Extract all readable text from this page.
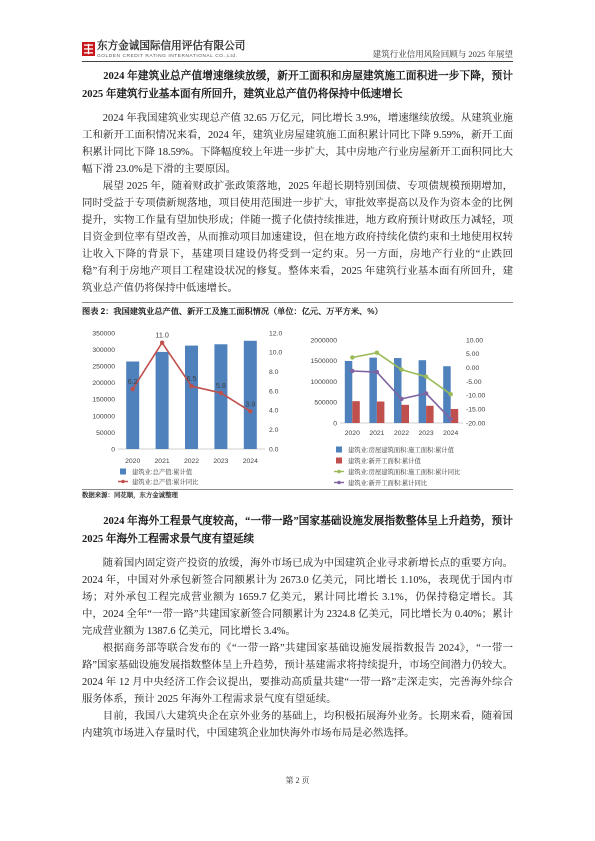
东方金诚国际信用评估有限公司
GOLDEN CREDIT RATING INTERNATIONAL CO.,Ltd.	建筑行业信用风险回顾与 2025 年展望

2024 年建筑业总产值增速继续放缓，新开工面积和房屋建筑施工面积进一步下降，预计 2025 年建筑行业基本面有所回升，建筑业总产值仍将保持中低速增长

2024 年我国建筑业实现总产值 32.65 万亿元，同比增长 3.9%，增速继续放缓。从建筑业施工和新开工面积情况来看，2024 年，建筑业房屋建筑施工面积累计同比下降 9.59%，新开工面积累计同比下降 18.59%。下降幅度较上年进一步扩大，其中房地产行业房屋新开工面积同比大幅下滑 23.0%是下滑的主要原因。

展望 2025 年，随着财政扩张政策落地，2025 年超长期特别国债、专项债规模预期增加，同时受益于专项债新规落地，项目使用范围进一步扩大，审批效率提高以及作为资本金的比例提升，实物工作量有望加快形成；伴随一揽子化债持续推进，地方政府预计财政压力减轻，项目资金到位率有望改善，从而推动项目加速建设，但在地方政府持续化债约束和土地使用权转让收入下降的背景下，基建项目建设仍将受到一定约束。另一方面，房地产行业的“止跌回稳”有利于房地产项目工程建设状况的修复。整体来看，2025 年建筑行业基本面有所回升，建筑业总产值仍将保持中低速增长。

图表 2：我国建筑业总产值、新开工及施工面积情况（单位：亿元、万平方米、%）
0
50000
100000
150000
200000
250000
300000
350000
0.0
2.0
4.0
6.0
8.0
10.0
12.0
2020 2021 2022 2023 2024
6.2
11.0
6.5
5.8
3.9
建筑业:总产值:累计值
建筑业:总产值:累计同比
0
500000
1000000
1500000
2000000
-20.00
-15.00
-10.00
-5.00
0.00
5.00
10.00
2020 2021 2022 2023 2024
建筑业:房屋建筑面积:施工面积:累计值
建筑业:新开工面积:累计值
建筑业:房屋建筑面积:施工面积:累计同比
建筑业:新开工面积:累计同比
数据来源：同花顺，东方金诚整理

2024 年海外工程景气度较高，“一带一路”国家基础设施发展指数整体呈上升趋势，预计 2025 年海外工程需求景气度有望延续

随着国内固定资产投资的放缓，海外市场已成为中国建筑企业寻求新增长点的重要方向。2024 年，中国对外承包新签合同额累计为 2673.0 亿美元，同比增长 1.10%，表现优于国内市场；对外承包工程完成营业额为 1659.7 亿美元，累计同比增长 3.1%，仍保持稳定增长。其中，2024 全年“一带一路”共建国家新签合同额累计为 2324.8 亿美元，同比增长为 0.40%；累计完成营业额为 1387.6 亿美元，同比增长 3.4%。

根据商务部等联合发布的《“一带一路”共建国家基础设施发展指数报告 2024》，“一带一路”国家基础设施发展指数整体呈上升趋势，预计基建需求将持续提升，市场空间潜力仍较大。2024 年 12 月中央经济工作会议提出，要推动高质量共建“一带一路”走深走实，完善海外综合服务体系，预计 2025 年海外工程需求景气度有望延续。

目前，我国八大建筑央企在京外业务的基础上，均积极拓展海外业务。长期来看，随着国内建筑市场进入存量时代，中国建筑企业加快海外市场布局是必然选择。

第 2 页
